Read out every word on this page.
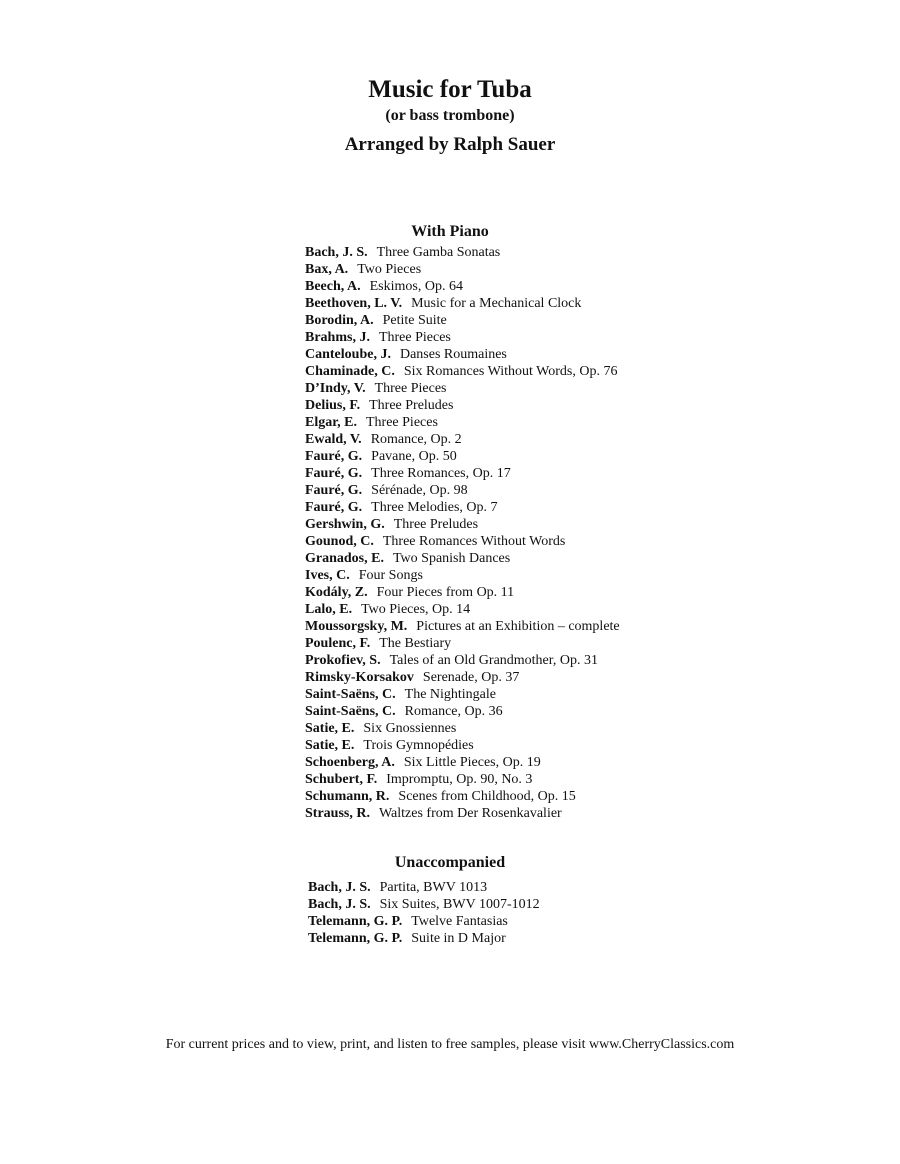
Music for Tuba
(or bass trombone)
Arranged by Ralph Sauer
With Piano
Bach, J. S. Three Gamba Sonatas
Bax, A. Two Pieces
Beech, A. Eskimos, Op. 64
Beethoven, L. V. Music for a Mechanical Clock
Borodin, A. Petite Suite
Brahms, J. Three Pieces
Canteloube, J. Danses Roumaines
Chaminade, C. Six Romances Without Words, Op. 76
D’Indy, V. Three Pieces
Delius, F. Three Preludes
Elgar, E. Three Pieces
Ewald, V. Romance, Op. 2
Fauré, G. Pavane, Op. 50
Fauré, G. Three Romances, Op. 17
Fauré, G. Sérénade, Op. 98
Fauré, G. Three Melodies, Op. 7
Gershwin, G. Three Preludes
Gounod, C. Three Romances Without Words
Granados, E. Two Spanish Dances
Ives, C. Four Songs
Kodály, Z. Four Pieces from Op. 11
Lalo, E. Two Pieces, Op. 14
Moussorgsky, M. Pictures at an Exhibition – complete
Poulenc, F. The Bestiary
Prokofiev, S. Tales of an Old Grandmother, Op. 31
Rimsky-Korsakov Serenade, Op. 37
Saint-Saëns, C. The Nightingale
Saint-Saëns, C. Romance, Op. 36
Satie, E. Six Gnossiennes
Satie, E. Trois Gymnopédies
Schoenberg, A. Six Little Pieces, Op. 19
Schubert, F. Impromptu, Op. 90, No. 3
Schumann, R. Scenes from Childhood, Op. 15
Strauss, R. Waltzes from Der Rosenkavalier
Unaccompanied
Bach, J. S. Partita, BWV 1013
Bach, J. S. Six Suites, BWV 1007-1012
Telemann, G. P. Twelve Fantasias
Telemann, G. P. Suite in D Major
For current prices and to view, print, and listen to free samples, please visit www.CherryClassics.com
